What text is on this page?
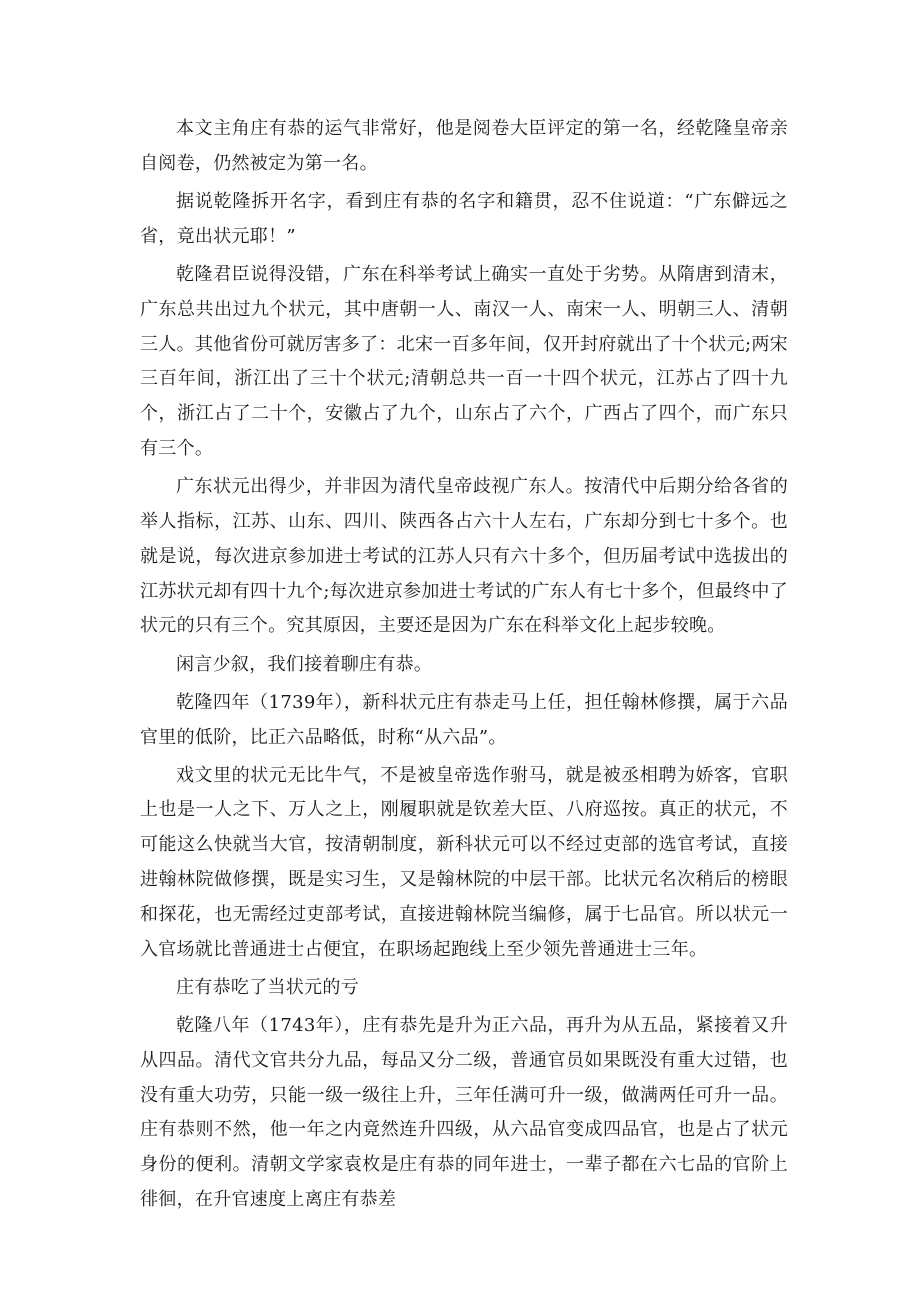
本文主角庄有恭的运气非常好，他是阅卷大臣评定的第一名，经乾隆皇帝亲自阅卷，仍然被定为第一名。

据说乾隆拆开名字，看到庄有恭的名字和籍贯，忍不住说道：“广东僻远之省，竟出状元耶！”

乾隆君臣说得没错，广东在科举考试上确实一直处于劣势。从隋唐到清末，广东总共出过九个状元，其中唐朝一人、南汉一人、南宋一人、明朝三人、清朝三人。其他省份可就厉害多了：北宋一百多年间，仅开封府就出了十个状元;两宋三百年间，浙江出了三十个状元;清朝总共一百一十四个状元，江苏占了四十九个，浙江占了二十个，安徽占了九个，山东占了六个，广西占了四个，而广东只有三个。

广东状元出得少，并非因为清代皇帝歧视广东人。按清代中后期分给各省的举人指标，江苏、山东、四川、陕西各占六十人左右，广东却分到七十多个。也就是说，每次进京参加进士考试的江苏人只有六十多个，但历届考试中选拔出的江苏状元却有四十九个;每次进京参加进士考试的广东人有七十多个，但最终中了状元的只有三个。究其原因，主要还是因为广东在科举文化上起步较晚。

闲言少叙，我们接着聊庄有恭。

乾隆四年（1739年），新科状元庄有恭走马上任，担任翰林修撰，属于六品官里的低阶，比正六品略低，时称“从六品”。

戏文里的状元无比牛气，不是被皇帝选作驸马，就是被丞相聘为娇客，官职上也是一人之下、万人之上，刚履职就是钦差大臣、八府巡按。真正的状元，不可能这么快就当大官，按清朝制度，新科状元可以不经过吏部的选官考试，直接进翰林院做修撰，既是实习生，又是翰林院的中层干部。比状元名次稍后的榜眼和探花，也无需经过吏部考试，直接进翰林院当编修，属于七品官。所以状元一入官场就比普通进士占便宜，在职场起跑线上至少领先普通进士三年。

庄有恭吃了当状元的亏

乾隆八年（1743年），庄有恭先是升为正六品，再升为从五品，紧接着又升从四品。清代文官共分九品，每品又分二级，普通官员如果既没有重大过错，也没有重大功劳，只能一级一级往上升，三年任满可升一级，做满两任可升一品。庄有恭则不然，他一年之内竟然连升四级，从六品官变成四品官，也是占了状元身份的便利。清朝文学家袁枚是庄有恭的同年进士，一辈子都在六七品的官阶上徘徊，在升官速度上离庄有恭差
